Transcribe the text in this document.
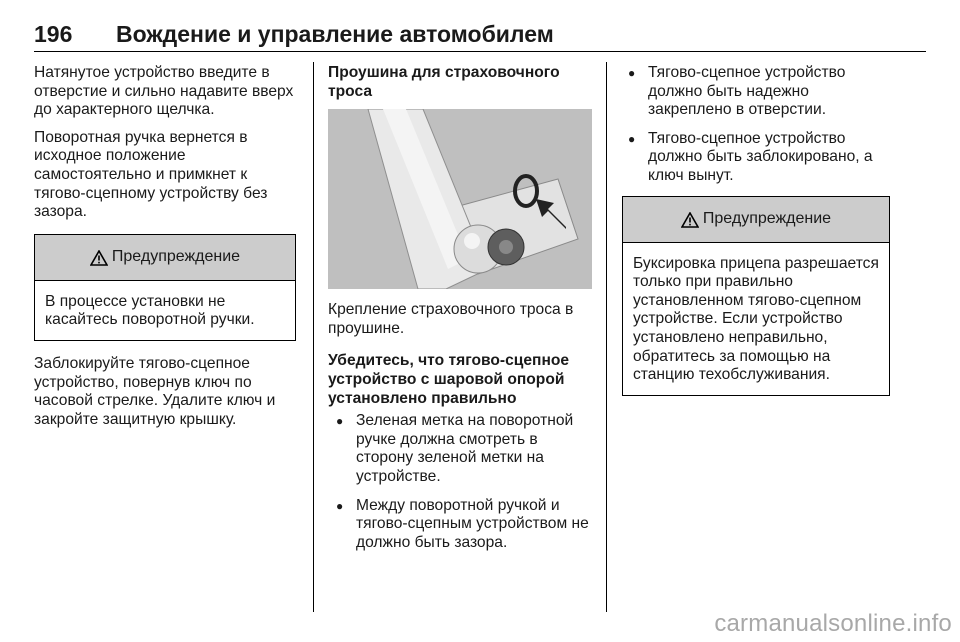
196 Вождение и управление автомобилем

Натянутое устройство введите в отверстие и сильно надавите вверх до характерного щелчка.

Поворотная ручка вернется в исходное положение самостоятельно и примкнет к тягово-сцепному устройству без зазора.

Предупреждение
В процессе установки не касайтесь поворотной ручки.

Заблокируйте тягово-сцепное устройство, повернув ключ по часовой стрелке. Удалите ключ и закройте защитную крышку.

Проушина для страховочного троса

Крепление страховочного троса в проушине.

Убедитесь, что тягово-сцепное устройство с шаровой опорой установлено правильно

● Зеленая метка на поворотной ручке должна смотреть в сторону зеленой метки на устройстве.
● Между поворотной ручкой и тягово-сцепным устройством не должно быть зазора.
● Тягово-сцепное устройство должно быть надежно закреплено в отверстии.
● Тягово-сцепное устройство должно быть заблокировано, а ключ вынут.
Предупреждение
Буксировка прицепа разрешается только при правильно установленном тягово-сцепном устройстве. Если устройство установлено неправильно, обратитесь за помощью на станцию техобслуживания.
carmanualsonline.info
